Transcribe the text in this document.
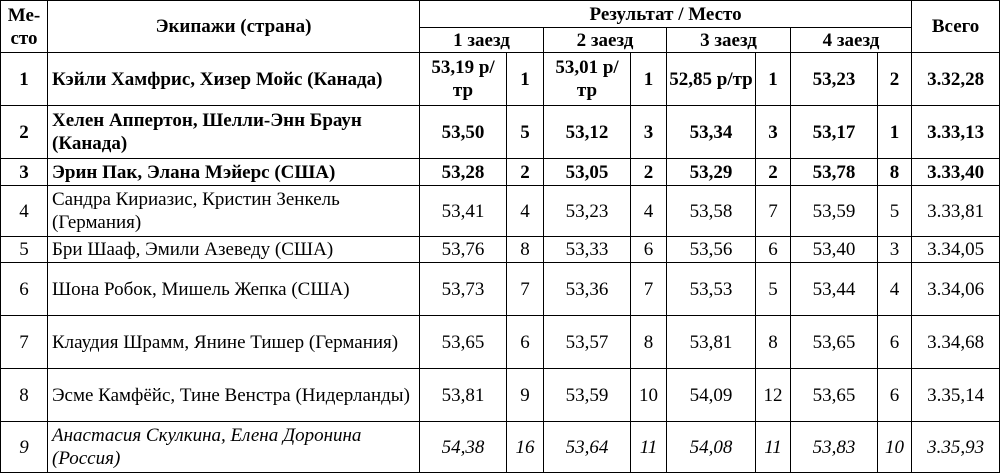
Ме-
сто	Экипажи (страна)	Результат / Место								Всего
		1 заезд		2 заезд		3 заезд		4 заезд		
1	Кэйли Хамфрис, Хизер Мойс (Канада)	53,19 р/тр	1	53,01 р/тр	1	52,85 р/тр	1	53,23	2	3.32,28
2	Хелен Аппертон, Шелли-Энн Браун (Канада)	53,50	5	53,12	3	53,34	3	53,17	1	3.33,13
3	Эрин Пак, Элана Мэйерс (США)	53,28	2	53,05	2	53,29	2	53,78	8	3.33,40
4	Сандра Кириазис, Кристин Зенкель (Германия)	53,41	4	53,23	4	53,58	7	53,59	5	3.33,81
5	Бри Шааф, Эмили Азеведу (США)	53,76	8	53,33	6	53,56	6	53,40	3	3.34,05
6	Шона Робок, Мишель Жепка (США)	53,73	7	53,36	7	53,53	5	53,44	4	3.34,06
7	Клаудия Шрамм, Янине Тишер (Германия)	53,65	6	53,57	8	53,81	8	53,65	6	3.34,68
8	Эсме Камфёйс, Тине Венстра (Нидерланды)	53,81	9	53,59	10	54,09	12	53,65	6	3.35,14
9	Анастасия Скулкина, Елена Доронина (Россия)	54,38	16	53,64	11	54,08	11	53,83	10	3.35,93
